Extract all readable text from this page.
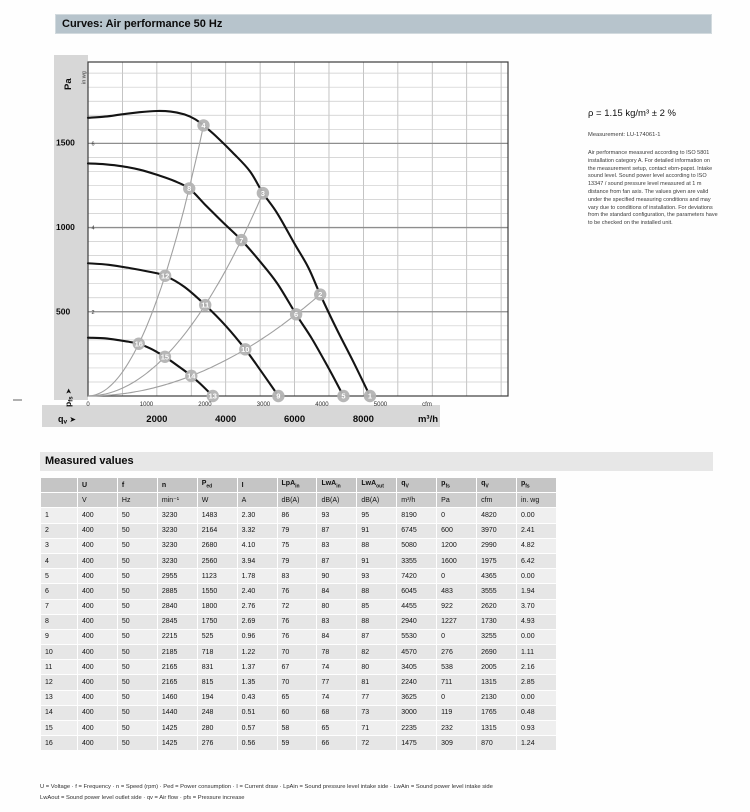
Curves: Air performance 50 Hz
1
2
3
4
5
6
7
8
9
10
11
12
13
14
15
16
Pa
in wg
500
1000
1500
2
4
6
pfs ➤
0	1000	2000	3000	4000	5000	cfm
qv ➤	2000	4000	6000	8000	m³/h

ρ = 1.15 kg/m³ ± 2 %

Measurement: LU-174061-1

Air performance measured according to ISO 5801 installation category A. For detailed information on the measurement setup, contact ebm-papst. Intake sound level. Sound power level according to ISO 13347 / sound pressure level measured at 1 m distance from fan axis. The values given are valid under the specified measuring conditions and may vary due to conditions of installation. For deviations from the standard configuration, the parameters have to be checked on the installed unit.

Measured values
	U	f	n	$P_{ed}$	I	LpA$_{in}$	LwA$_{in}$	LwA$_{out}$	$q_V$	$p_{fs}$	$q_V$	$p_{fs}$
	V	Hz	min⁻¹	W	A	dB(A)	dB(A)	dB(A)	m³/h	Pa	cfm	in. wg
1	400	50	3230	1483	2.30	86	93	95	8190	0	4820	0.00
2	400	50	3230	2164	3.32	79	87	91	6745	600	3970	2.41
3	400	50	3230	2680	4.10	75	83	88	5080	1200	2990	4.82
4	400	50	3230	2560	3.94	79	87	91	3355	1600	1975	6.42
5	400	50	2955	1123	1.78	83	90	93	7420	0	4365	0.00
6	400	50	2885	1550	2.40	76	84	88	6045	483	3555	1.94
7	400	50	2840	1800	2.76	72	80	85	4455	922	2620	3.70
8	400	50	2845	1750	2.69	76	83	88	2940	1227	1730	4.93
9	400	50	2215	525	0.96	76	84	87	5530	0	3255	0.00
10	400	50	2185	718	1.22	70	78	82	4570	276	2690	1.11
11	400	50	2165	831	1.37	67	74	80	3405	538	2005	2.16
12	400	50	2165	815	1.35	70	77	81	2240	711	1315	2.85
13	400	50	1460	194	0.43	65	74	77	3625	0	2130	0.00
14	400	50	1440	248	0.51	60	68	73	3000	119	1765	0.48
15	400	50	1425	280	0.57	58	65	71	2235	232	1315	0.93
16	400	50	1425	276	0.56	59	66	72	1475	309	870	1.24
U = Voltage · f = Frequency · n = Speed (rpm) · Ped = Power consumption · I = Current draw · LpAin = Sound pressure level intake side · LwAin = Sound power level intake side
LwAout = Sound power level outlet side · qv = Air flow · pfs = Pressure increase
